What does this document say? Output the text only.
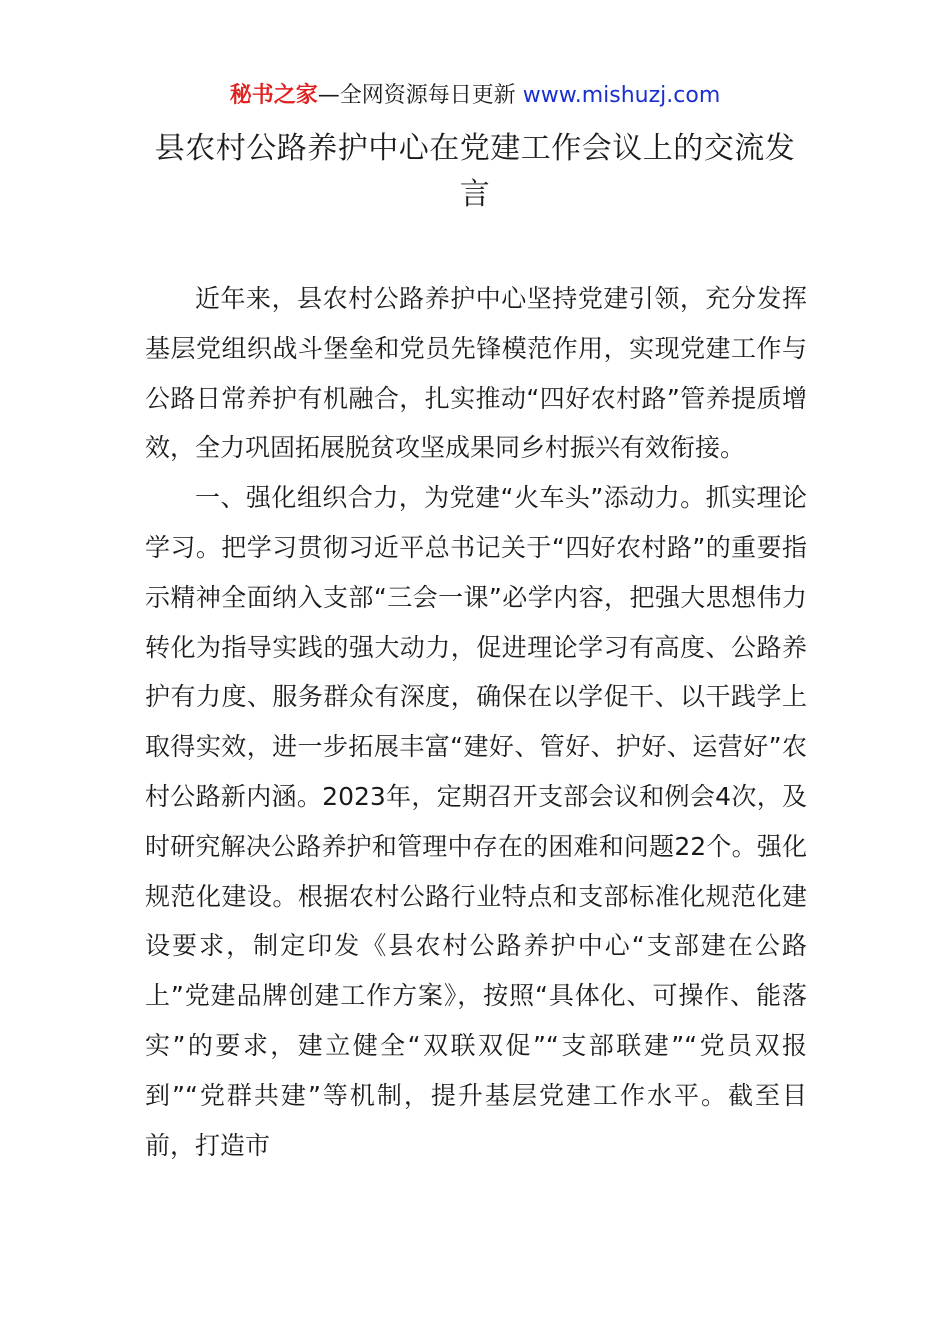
秘书之家—全网资源每日更新 www.mishuzj.com
县农村公路养护中心在党建工作会议上的交流发言

近年来，县农村公路养护中心坚持党建引领，充分发挥基层党组织战斗堡垒和党员先锋模范作用，实现党建工作与公路日常养护有机融合，扎实推动“四好农村路”管养提质增效，全力巩固拓展脱贫攻坚成果同乡村振兴有效衔接。

一、强化组织合力，为党建“火车头”添动力。抓实理论学习。把学习贯彻习近平总书记关于“四好农村路”的重要指示精神全面纳入支部“三会一课”必学内容，把强大思想伟力转化为指导实践的强大动力，促进理论学习有高度、公路养护有力度、服务群众有深度，确保在以学促干、以干践学上取得实效，进一步拓展丰富“建好、管好、护好、运营好”农村公路新内涵。2023年，定期召开支部会议和例会4次，及时研究解决公路养护和管理中存在的困难和问题22个。强化规范化建设。根据农村公路行业特点和支部标准化规范化建设要求，制定印发《县农村公路养护中心“支部建在公路上”党建品牌创建工作方案》，按照“具体化、可操作、能落实”的要求，建立健全“双联双促”“支部联建”“党员双报到”“党群共建”等机制，提升基层党建工作水平。截至目前，打造市
